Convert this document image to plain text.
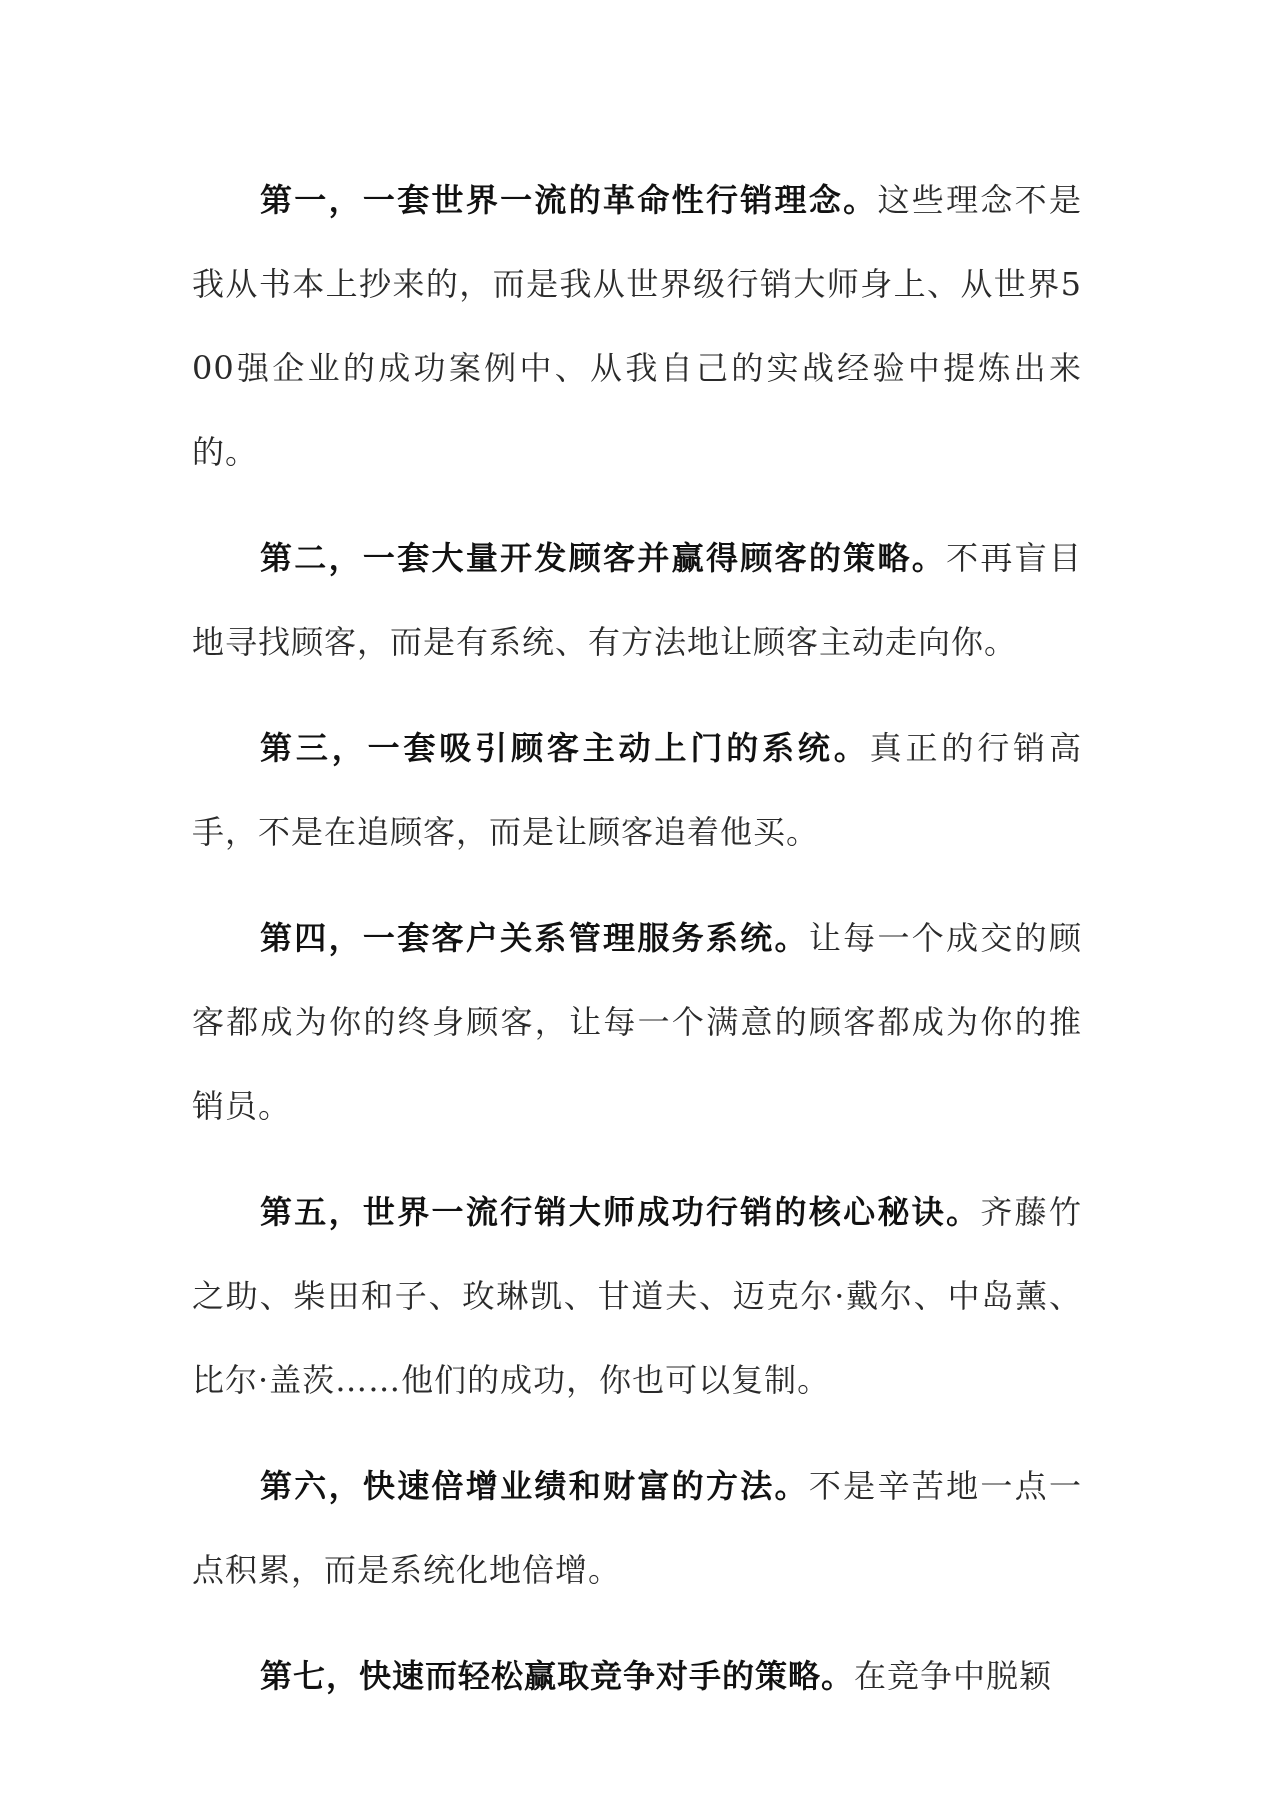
第一，一套世界一流的革命性行销理念。这些理念不是我从书本上抄来的，而是我从世界级行销大师身上、从世界500强企业的成功案例中、从我自己的实战经验中提炼出来的。

第二，一套大量开发顾客并赢得顾客的策略。不再盲目地寻找顾客，而是有系统、有方法地让顾客主动走向你。

第三，一套吸引顾客主动上门的系统。真正的行销高手，不是在追顾客，而是让顾客追着他买。

第四，一套客户关系管理服务系统。让每一个成交的顾客都成为你的终身顾客，让每一个满意的顾客都成为你的推销员。

第五，世界一流行销大师成功行销的核心秘诀。齐藤竹之助、柴田和子、玫琳凯、甘道夫、迈克尔·戴尔、中岛薰、比尔·盖茨……他们的成功，你也可以复制。

第六，快速倍增业绩和财富的方法。不是辛苦地一点一点积累，而是系统化地倍增。

第七，快速而轻松赢取竞争对手的策略。在竞争中脱颖
